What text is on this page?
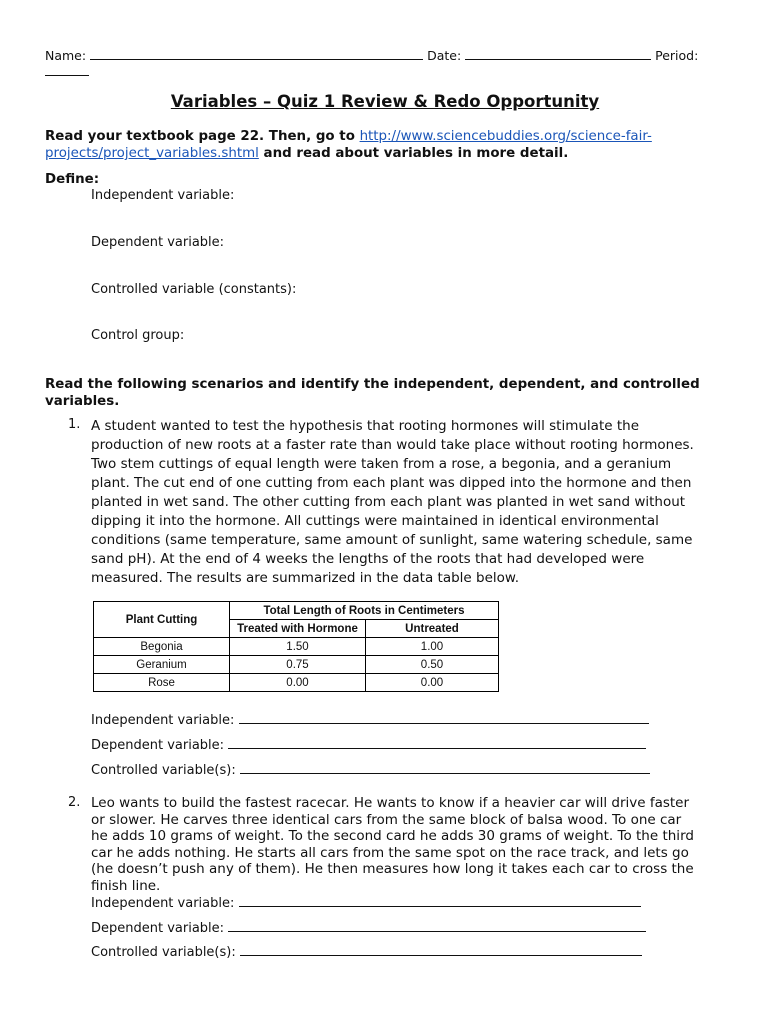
Name:	Date:	Period:
Variables – Quiz 1 Review & Redo Opportunity
Read your textbook page 22. Then, go to http://www.sciencebuddies.org/science-fair-
projects/project_variables.shtml and read about variables in more detail.
Define:
Independent variable:
Dependent variable:
Controlled variable (constants):
Control group:
Read the following scenarios and identify the independent, dependent, and controlled
variables.
1. A student wanted to test the hypothesis that rooting hormones will stimulate the
production of new roots at a faster rate than would take place without rooting hormones.
Two stem cuttings of equal length were taken from a rose, a begonia, and a geranium
plant. The cut end of one cutting from each plant was dipped into the hormone and then
planted in wet sand. The other cutting from each plant was planted in wet sand without
dipping it into the hormone. All cuttings were maintained in identical environmental
conditions (same temperature, same amount of sunlight, same watering schedule, same
sand pH). At the end of 4 weeks the lengths of the roots that had developed were
measured. The results are summarized in the data table below.
Plant Cutting	Total Length of Roots in Centimeters	
	Treated with Hormone	Untreated
Begonia	1.50	1.00
Geranium	0.75	0.50
Rose	0.00	0.00
Independent variable:
Dependent variable:
Controlled variable(s):
2. Leo wants to build the fastest racecar. He wants to know if a heavier car will drive faster
or slower. He carves three identical cars from the same block of balsa wood. To one car
he adds 10 grams of weight. To the second card he adds 30 grams of weight. To the third
car he adds nothing. He starts all cars from the same spot on the race track, and lets go
(he doesn’t push any of them). He then measures how long it takes each car to cross the
finish line.
Independent variable:
Dependent variable:
Controlled variable(s):
